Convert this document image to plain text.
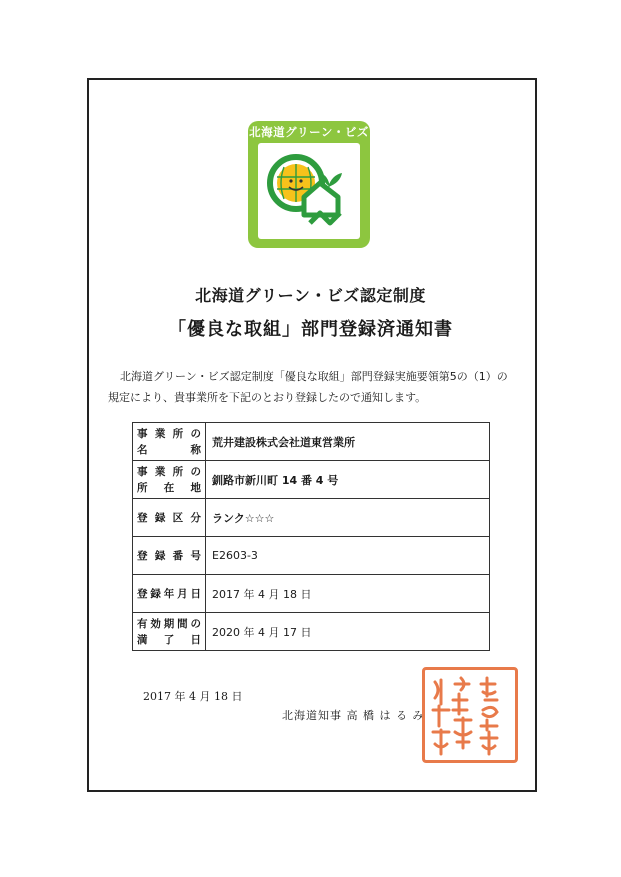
北海道グリーン・ビズ
北海道グリーン・ビズ認定制度
「優良な取組」部門登録済通知書
北海道グリーン・ビズ認定制度「優良な取組」部門登録実施要領第5の（1）の
規定により、貴事業所を下記のとおり登録したので通知します。
事 業 所 の
名　　　称	荒井建設株式会社道東営業所

事 業 所 の
所　在　地	釧路市新川町 14 番 4 号

登 録 区 分	ランク☆☆☆

登 録 番 号	E2603-3

登録年月日	2017 年 4 月 18 日

有効期間の
満　了　日	2020 年 4 月 17 日
2017 年 4 月 18 日
北海道知事 高 橋 は る み
